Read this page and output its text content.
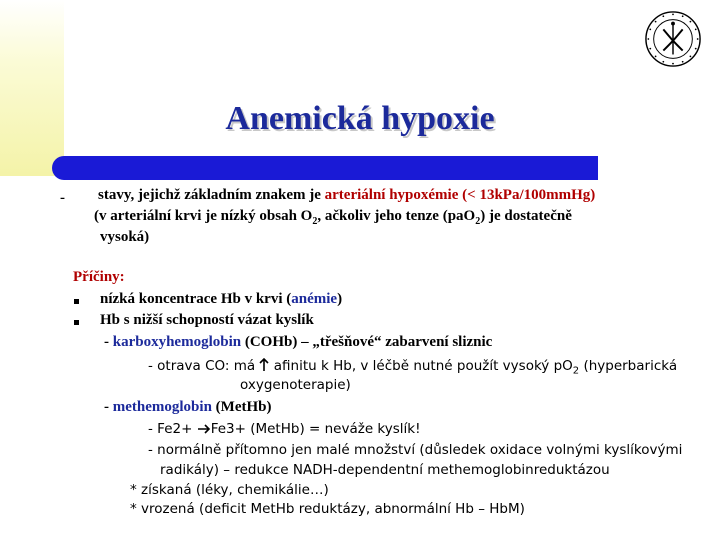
Anemická hypoxie
- stavy, jejichž základním znakem je arteriální hypoxémie (< 13kPa/100mmHg)
(v arteriální krvi je nízký obsah $O_2$, ačkoliv jeho tenze (paO$_2$) je dostatečně
vysoká)
Příčiny:
nízká koncentrace Hb v krvi (anémie)
Hb s nižší schopností vázat kyslík
- karboxyhemoglobin (COHb) – „třešňové“ zabarvení sliznic
- otrava CO: má  afinitu k Hb, v léčbě nutné použít vysoký $pO_2$ (hyperbarická
oxygenoterapie)
- methemoglobin (MetHb)
- Fe2+ Fe3+ (MetHb) = neváže kyslík!
- normálně přítomno jen malé množství (důsledek oxidace volnými kyslíkovými
radikály) – redukce NADH-dependentní methemoglobinreduktázou
* získaná (léky, chemikálie…)
* vrozená (deficit MetHb reduktázy, abnormální Hb – HbM)
